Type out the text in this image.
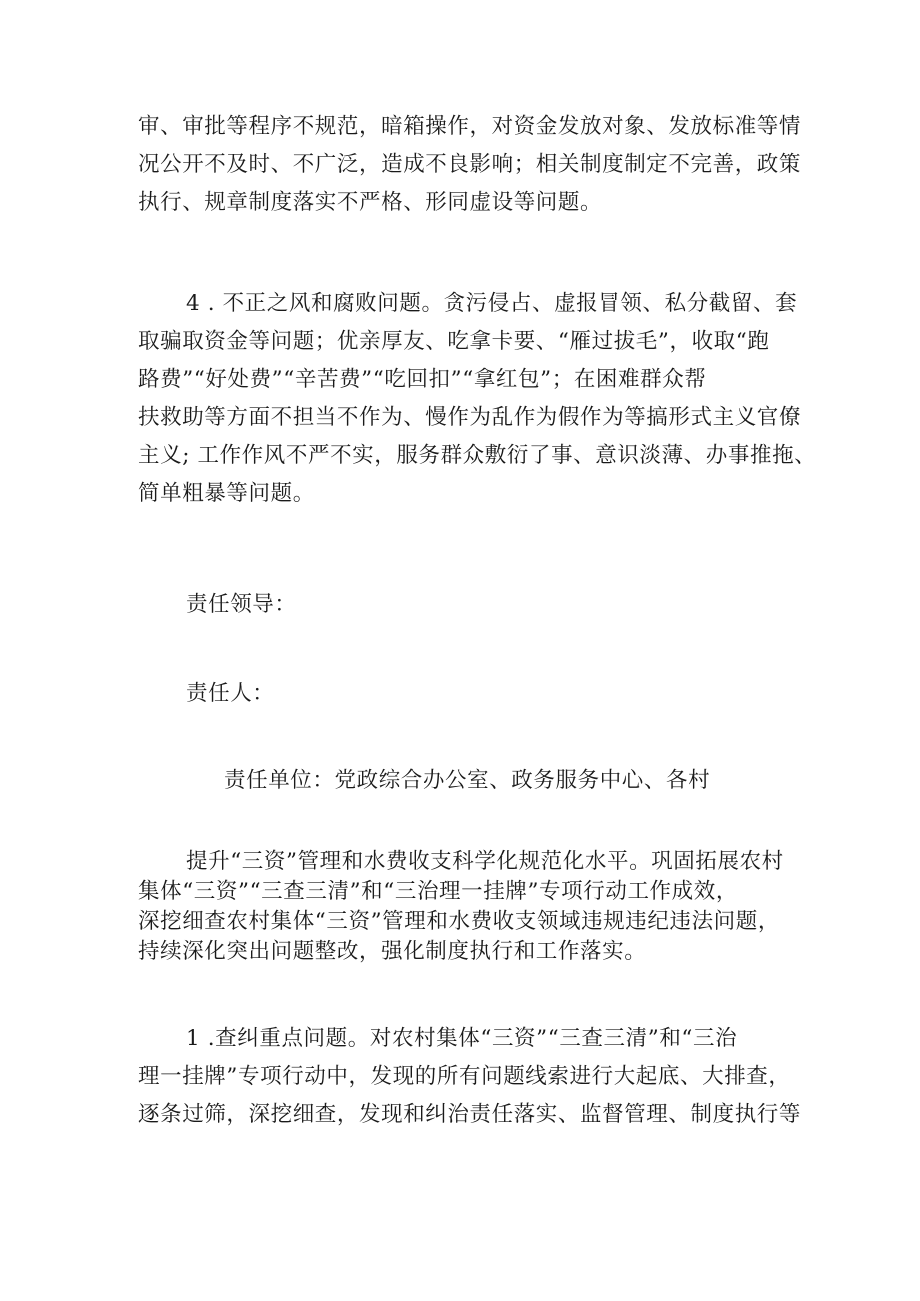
审、审批等程序不规范，暗箱操作，对资金发放对象、发放标准等情
况公开不及时、不广泛，造成不良影响；相关制度制定不完善，政策
执行、规章制度落实不严格、形同虚设等问题。
4 . 不正之风和腐败问题。贪污侵占、虚报冒领、私分截留、套
取骗取资金等问题；优亲厚友、吃拿卡要、“雁过拔毛”，收取“跑
路费”“好处费”“辛苦费”“吃回扣”“拿红包”；在困难群众帮
扶救助等方面不担当不作为、慢作为乱作为假作为等搞形式主义官僚
主义; 工作作风不严不实，服务群众敷衍了事、意识淡薄、办事推拖、
简单粗暴等问题。
责任领导：
责任人：
责任单位：党政综合办公室、政务服务中心、各村
提升“三资”管理和水费收支科学化规范化水平。巩固拓展农村
集体“三资”“三查三清”和“三治理一挂牌”专项行动工作成效，
深挖细查农村集体“三资”管理和水费收支领域违规违纪违法问题，
持续深化突出问题整改，强化制度执行和工作落实。
1 .查纠重点问题。对农村集体“三资”“三查三清”和“三治
理一挂牌”专项行动中，发现的所有问题线索进行大起底、大排查，
逐条过筛，深挖细查，发现和纠治责任落实、监督管理、制度执行等
